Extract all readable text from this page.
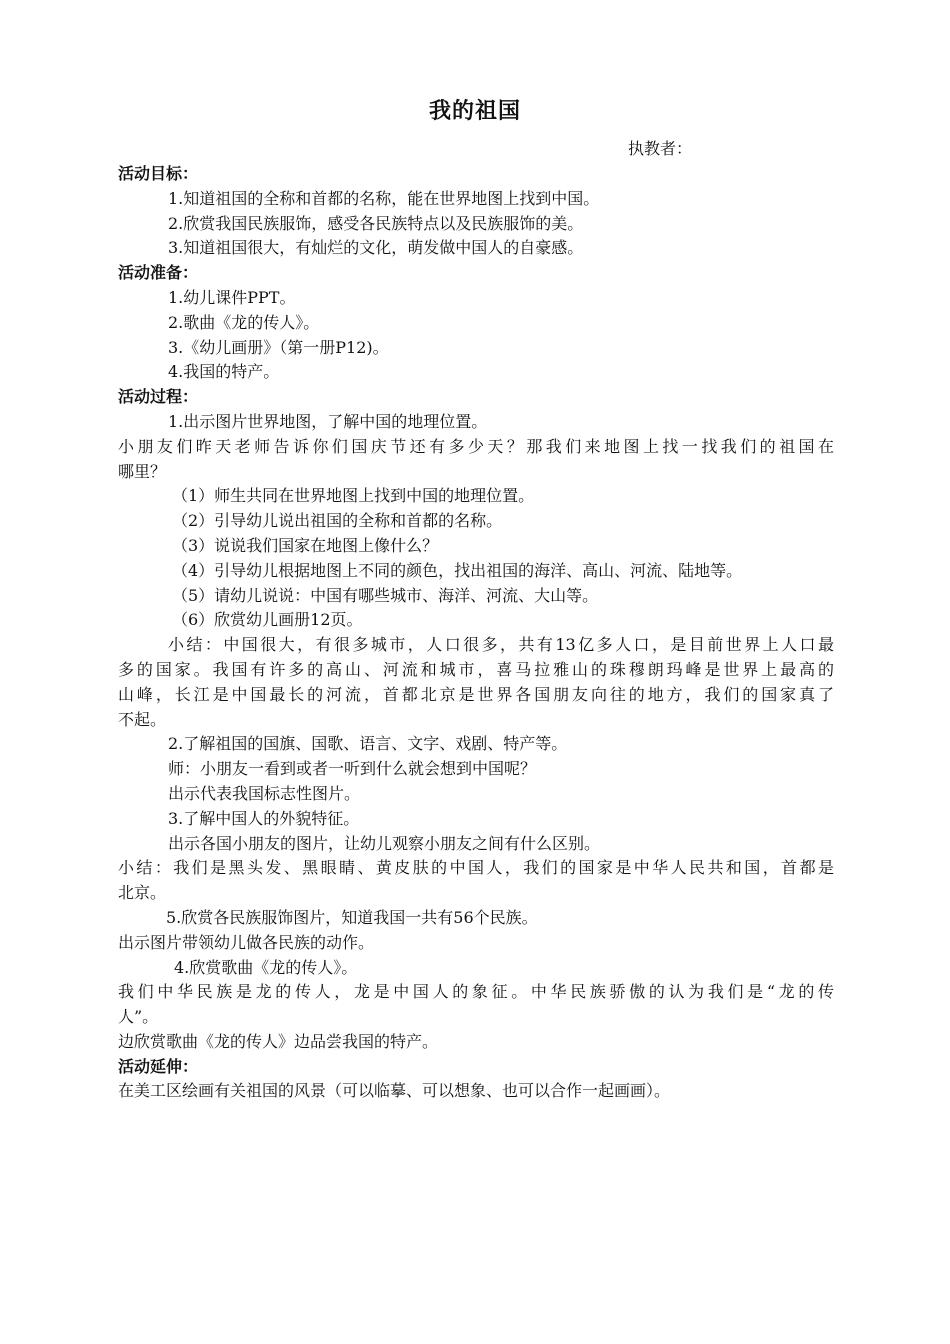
我的祖国
执教者：
活动目标：
1.知道祖国的全称和首都的名称，能在世界地图上找到中国。
2.欣赏我国民族服饰，感受各民族特点以及民族服饰的美。
3.知道祖国很大，有灿烂的文化，萌发做中国人的自豪感。
活动准备：
1.幼儿课件PPT。
2.歌曲《龙的传人》。
3.《幼儿画册》（第一册P12)。
4.我国的特产。
活动过程：
1.出示图片世界地图，了解中国的地理位置。
小朋友们昨天老师告诉你们国庆节还有多少天？那我们来地图上找一找我们的祖国在
哪里？
（1）师生共同在世界地图上找到中国的地理位置。
（2）引导幼儿说出祖国的全称和首都的名称。
（3）说说我们国家在地图上像什么？
（4）引导幼儿根据地图上不同的颜色，找出祖国的海洋、高山、河流、陆地等。
（5）请幼儿说说：中国有哪些城市、海洋、河流、大山等。
（6）欣赏幼儿画册12页。
小结：中国很大，有很多城市，人口很多，共有13亿多人口，是目前世界上人口最
多的国家。我国有许多的高山、河流和城市，喜马拉雅山的珠穆朗玛峰是世界上最高的
山峰，长江是中国最长的河流，首都北京是世界各国朋友向往的地方，我们的国家真了
不起。
2.了解祖国的国旗、国歌、语言、文字、戏剧、特产等。
师：小朋友一看到或者一听到什么就会想到中国呢？
出示代表我国标志性图片。
3.了解中国人的外貌特征。
出示各国小朋友的图片，让幼儿观察小朋友之间有什么区别。
小结：我们是黑头发、黑眼睛、黄皮肤的中国人，我们的国家是中华人民共和国，首都是
北京。
5.欣赏各民族服饰图片，知道我国一共有56个民族。
出示图片带领幼儿做各民族的动作。
4.欣赏歌曲《龙的传人》。
我们中华民族是龙的传人，龙是中国人的象征。中华民族骄傲的认为我们是“龙的传
人”。
边欣赏歌曲《龙的传人》边品尝我国的特产。
活动延伸：
在美工区绘画有关祖国的风景（可以临摹、可以想象、也可以合作一起画画）。
